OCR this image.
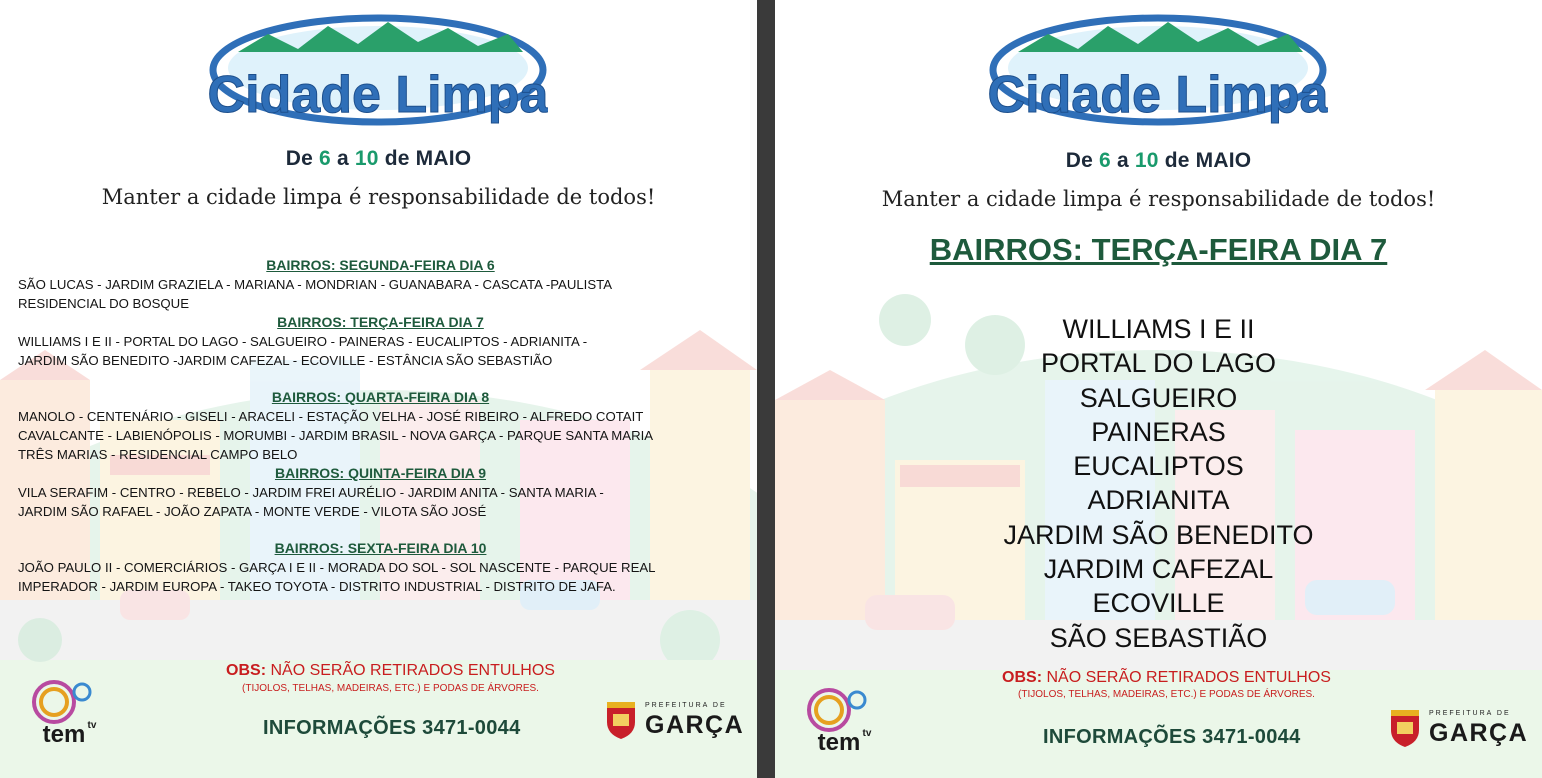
Cidade Limpa
De 6 a 10 de MAIO
Manter a cidade limpa é responsabilidade de todos!
BAIRROS: SEGUNDA-FEIRA DIA 6
SÃO LUCAS - JARDIM GRAZIELA - MARIANA - MONDRIAN - GUANABARA - CASCATA -PAULISTA
RESIDENCIAL DO BOSQUE
BAIRROS: TERÇA-FEIRA DIA 7
WILLIAMS I E II - PORTAL DO LAGO - SALGUEIRO - PAINERAS - EUCALIPTOS - ADRIANITA -
JARDIM SÃO BENEDITO -JARDIM CAFEZAL - ECOVILLE - ESTÂNCIA SÃO SEBASTIÃO
BAIRROS: QUARTA-FEIRA DIA 8
MANOLO - CENTENÁRIO - GISELI - ARACELI - ESTAÇÃO VELHA - JOSÉ RIBEIRO - ALFREDO COTAIT
CAVALCANTE - LABIENÓPOLIS - MORUMBI - JARDIM BRASIL - NOVA GARÇA - PARQUE SANTA MARIA
TRÊS MARIAS - RESIDENCIAL CAMPO BELO
BAIRROS: QUINTA-FEIRA DIA 9
VILA SERAFIM - CENTRO - REBELO - JARDIM FREI AURÉLIO - JARDIM ANITA - SANTA MARIA -
JARDIM SÃO RAFAEL - JOÃO ZAPATA - MONTE VERDE - VILOTA SÃO JOSÉ
BAIRROS: SEXTA-FEIRA DIA 10
JOÃO PAULO II - COMERCIÁRIOS - GARÇA I E II - MORADA DO SOL - SOL NASCENTE - PARQUE REAL
IMPERADOR - JARDIM EUROPA - TAKEO TOYOTA - DISTRITO INDUSTRIAL - DISTRITO DE JAFA.
OBS: NÃO SERÃO RETIRADOS ENTULHOS
(TIJOLOS, TELHAS, MADEIRAS, ETC.) E PODAS DE ÁRVORES.
INFORMAÇÕES 3471-0044
tem tv
PREFEITURA DE
GARÇA
Cidade Limpa
De 6 a 10 de MAIO
Manter a cidade limpa é responsabilidade de todos!
BAIRROS: TERÇA-FEIRA DIA 7
WILLIAMS I E II
PORTAL DO LAGO
SALGUEIRO
PAINERAS
EUCALIPTOS
ADRIANITA
JARDIM SÃO BENEDITO
JARDIM CAFEZAL
ECOVILLE
SÃO SEBASTIÃO
OBS: NÃO SERÃO RETIRADOS ENTULHOS
(TIJOLOS, TELHAS, MADEIRAS, ETC.) E PODAS DE ÁRVORES.
INFORMAÇÕES 3471-0044
tem tv
PREFEITURA DE
GARÇA
